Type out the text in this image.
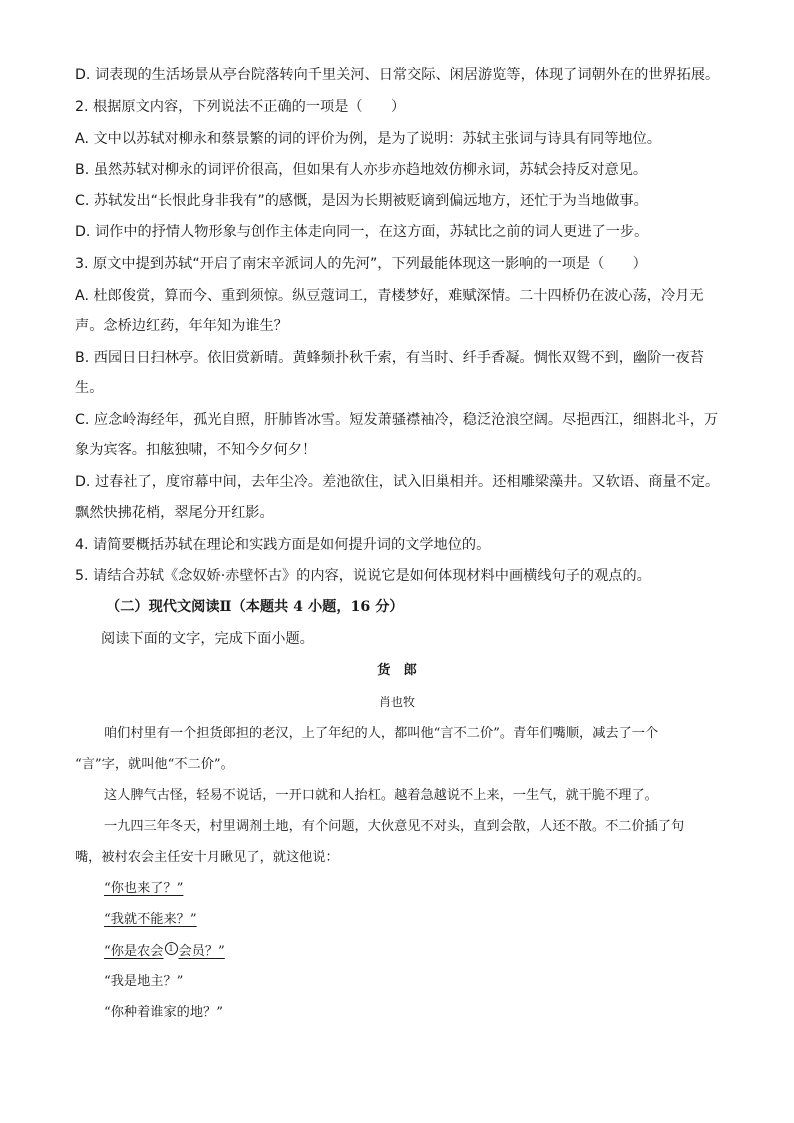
D. 词表现的生活场景从亭台院落转向千里关河、日常交际、闲居游览等，体现了词朝外在的世界拓展。
2. 根据原文内容，下列说法不正确的一项是（　　）
A. 文中以苏轼对柳永和蔡景繁的词的评价为例，是为了说明：苏轼主张词与诗具有同等地位。
B. 虽然苏轼对柳永的词评价很高，但如果有人亦步亦趋地效仿柳永词，苏轼会持反对意见。
C. 苏轼发出“长恨此身非我有”的感慨，是因为长期被贬谪到偏远地方，还忙于为当地做事。
D. 词作中的抒情人物形象与创作主体走向同一，在这方面，苏轼比之前的词人更进了一步。
3. 原文中提到苏轼“开启了南宋辛派词人的先河”，下列最能体现这一影响的一项是（　　）
A. 杜郎俊赏，算而今、重到须惊。纵豆蔻词工，青楼梦好，难赋深情。二十四桥仍在波心荡，冷月无
声。念桥边红药，年年知为谁生？
B. 西园日日扫林亭。依旧赏新晴。黄蜂频扑秋千索，有当时、纤手香凝。惆怅双鸳不到，幽阶一夜苔
生。
C. 应念岭海经年，孤光自照，肝肺皆冰雪。短发萧骚襟袖冷，稳泛沧浪空阔。尽挹西江，细斟北斗，万
象为宾客。扣舷独啸，不知今夕何夕！
D. 过春社了，度帘幕中间，去年尘冷。差池欲住，试入旧巢相并。还相雕梁藻井。又软语、商量不定。
飘然快拂花梢，翠尾分开红影。
4. 请简要概括苏轼在理论和实践方面是如何提升词的文学地位的。
5. 请结合苏轼《念奴娇·赤壁怀古》的内容，说说它是如何体现材料中画横线句子的观点的。
（二）现代文阅读Ⅱ（本题共 4 小题，16 分）
阅读下面的文字，完成下面小题。
货　郎
肖也牧
咱们村里有一个担货郎担的老汉，上了年纪的人，都叫他“言不二价”。青年们嘴顺，减去了一个
“言”字，就叫他“不二价”。
这人脾气古怪，轻易不说话，一开口就和人抬杠。越着急越说不上来，一生气，就干脆不理了。
一九四三年冬天，村里调剂土地，有个问题，大伙意见不对头，直到会散，人还不散。不二价插了句
嘴，被村农会主任安十月瞅见了，就这他说：
“你也来了？”
“我就不能来？”
“你是农会 1 会员？”
“我是地主？”
“你种着谁家的地？”
